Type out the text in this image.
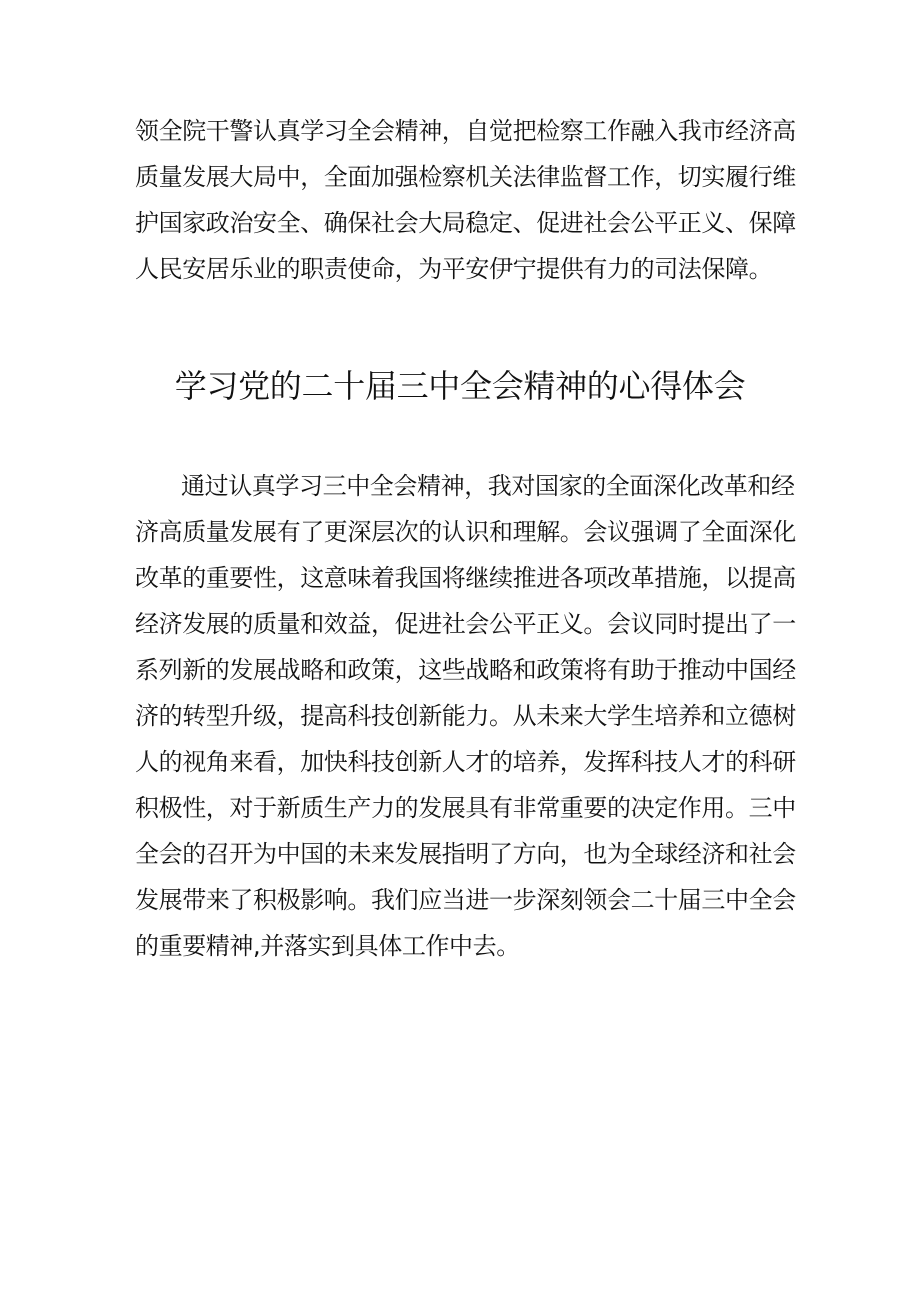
领全院干警认真学习全会精神，自觉把检察工作融入我市经济高
质量发展大局中，全面加强检察机关法律监督工作，切实履行维
护国家政治安全、确保社会大局稳定、促进社会公平正义、保障
人民安居乐业的职责使命，为平安伊宁提供有力的司法保障。
学习党的二十届三中全会精神的心得体会
通过认真学习三中全会精神，我对国家的全面深化改革和经
济高质量发展有了更深层次的认识和理解。会议强调了全面深化
改革的重要性，这意味着我国将继续推进各项改革措施，以提高
经济发展的质量和效益，促进社会公平正义。会议同时提出了一
系列新的发展战略和政策，这些战略和政策将有助于推动中国经
济的转型升级，提高科技创新能力。从未来大学生培养和立德树
人的视角来看，加快科技创新人才的培养，发挥科技人才的科研
积极性，对于新质生产力的发展具有非常重要的决定作用。三中
全会的召开为中国的未来发展指明了方向，也为全球经济和社会
发展带来了积极影响。我们应当进一步深刻领会二十届三中全会
的重要精神,并落实到具体工作中去。
